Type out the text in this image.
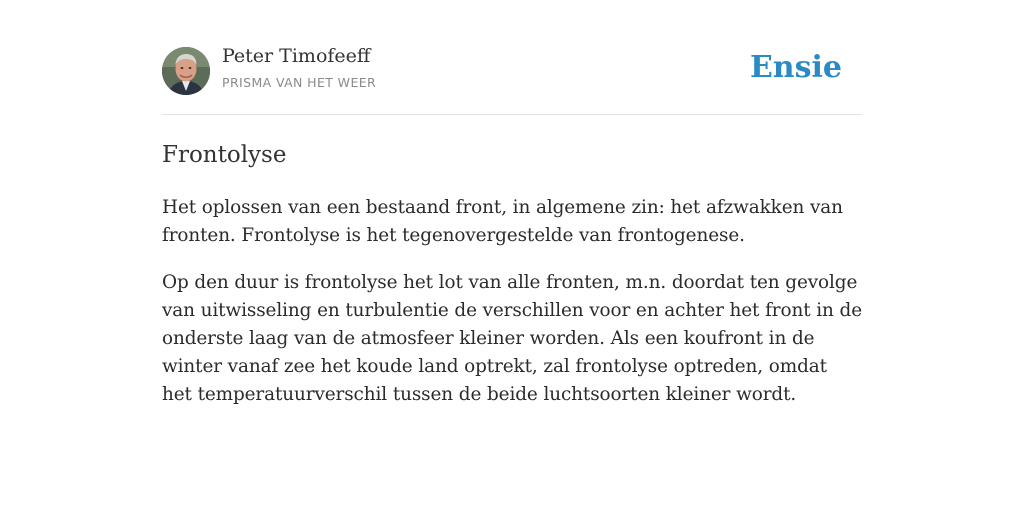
Peter Timofeeff
PRISMA VAN HET WEER	Ensie
Frontolyse

Het oplossen van een bestaand front, in algemene zin: het afzwakken van fronten. Frontolyse is het tegenovergestelde van frontogenese.

Op den duur is frontolyse het lot van alle fronten, m.n. doordat ten gevolge van uitwisseling en turbulentie de verschillen voor en achter het front in de onderste laag van de atmosfeer kleiner worden. Als een koufront in de winter vanaf zee het koude land optrekt, zal frontolyse optreden, omdat het temperatuurverschil tussen de beide luchtsoorten kleiner wordt.
